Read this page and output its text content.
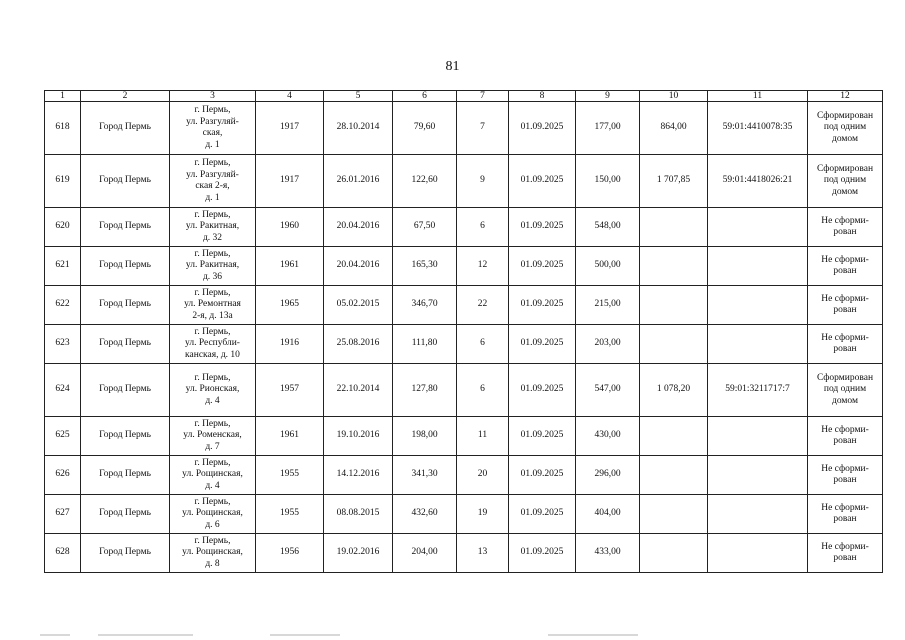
81
1	2	3	4	5	6	7	8	9	10	11	12
618	Город Пермь	г. Пермь,
ул. Разгуляй-
ская,
д. 1	1917	28.10.2014	79,60	7	01.09.2025	177,00	864,00	59:01:4410078:35	Сформирован
под одним
домом
619	Город Пермь	г. Пермь,
ул. Разгуляй-
ская 2-я,
д. 1	1917	26.01.2016	122,60	9	01.09.2025	150,00	1 707,85	59:01:4418026:21	Сформирован
под одним
домом
620	Город Пермь	г. Пермь,
ул. Ракитная,
д. 32	1960	20.04.2016	67,50	6	01.09.2025	548,00			Не сформи-
рован
621	Город Пермь	г. Пермь,
ул. Ракитная,
д. 36	1961	20.04.2016	165,30	12	01.09.2025	500,00			Не сформи-
рован
622	Город Пермь	г. Пермь,
ул. Ремонтная
2-я, д. 13а	1965	05.02.2015	346,70	22	01.09.2025	215,00			Не сформи-
рован
623	Город Пермь	г. Пермь,
ул. Республи-
канская, д. 10	1916	25.08.2016	111,80	6	01.09.2025	203,00			Не сформи-
рован
624	Город Пермь	г. Пермь,
ул. Рионская,
д. 4	1957	22.10.2014	127,80	6	01.09.2025	547,00	1 078,20	59:01:3211717:7	Сформирован
под одним
домом
625	Город Пермь	г. Пермь,
ул. Роменская,
д. 7	1961	19.10.2016	198,00	11	01.09.2025	430,00			Не сформи-
рован
626	Город Пермь	г. Пермь,
ул. Рощинская,
д. 4	1955	14.12.2016	341,30	20	01.09.2025	296,00			Не сформи-
рован
627	Город Пермь	г. Пермь,
ул. Рощинская,
д. 6	1955	08.08.2015	432,60	19	01.09.2025	404,00			Не сформи-
рован
628	Город Пермь	г. Пермь,
ул. Рощинская,
д. 8	1956	19.02.2016	204,00	13	01.09.2025	433,00			Не сформи-
рован
